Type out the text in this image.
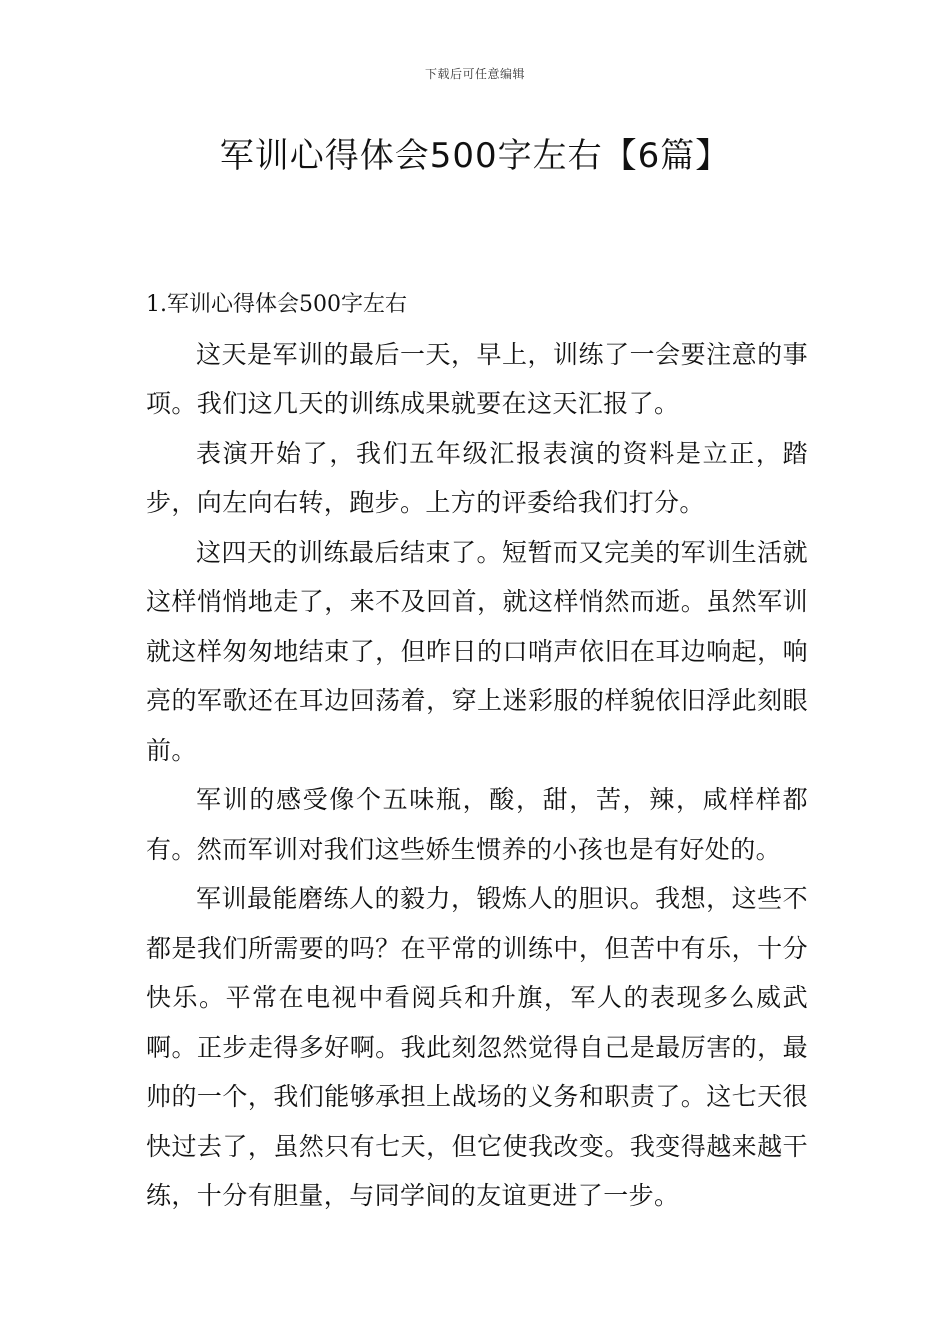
下载后可任意编辑
军训心得体会500字左右【6篇】
1.军训心得体会500字左右

这天是军训的最后一天，早上，训练了一会要注意的事项。我们这几天的训练成果就要在这天汇报了。

表演开始了，我们五年级汇报表演的资料是立正，踏步，向左向右转，跑步。上方的评委给我们打分。

这四天的训练最后结束了。短暂而又完美的军训生活就这样悄悄地走了，来不及回首，就这样悄然而逝。虽然军训就这样匆匆地结束了，但昨日的口哨声依旧在耳边响起，响亮的军歌还在耳边回荡着，穿上迷彩服的样貌依旧浮此刻眼前。

军训的感受像个五味瓶，酸，甜，苦，辣，咸样样都有。然而军训对我们这些娇生惯养的小孩也是有好处的。

军训最能磨练人的毅力，锻炼人的胆识。我想，这些不都是我们所需要的吗？在平常的训练中，但苦中有乐，十分快乐。平常在电视中看阅兵和升旗，军人的表现多么威武啊。正步走得多好啊。我此刻忽然觉得自己是最厉害的，最帅的一个，我们能够承担上战场的义务和职责了。这七天很快过去了，虽然只有七天，但它使我改变。我变得越来越干练，十分有胆量，与同学间的友谊更进了一步。
